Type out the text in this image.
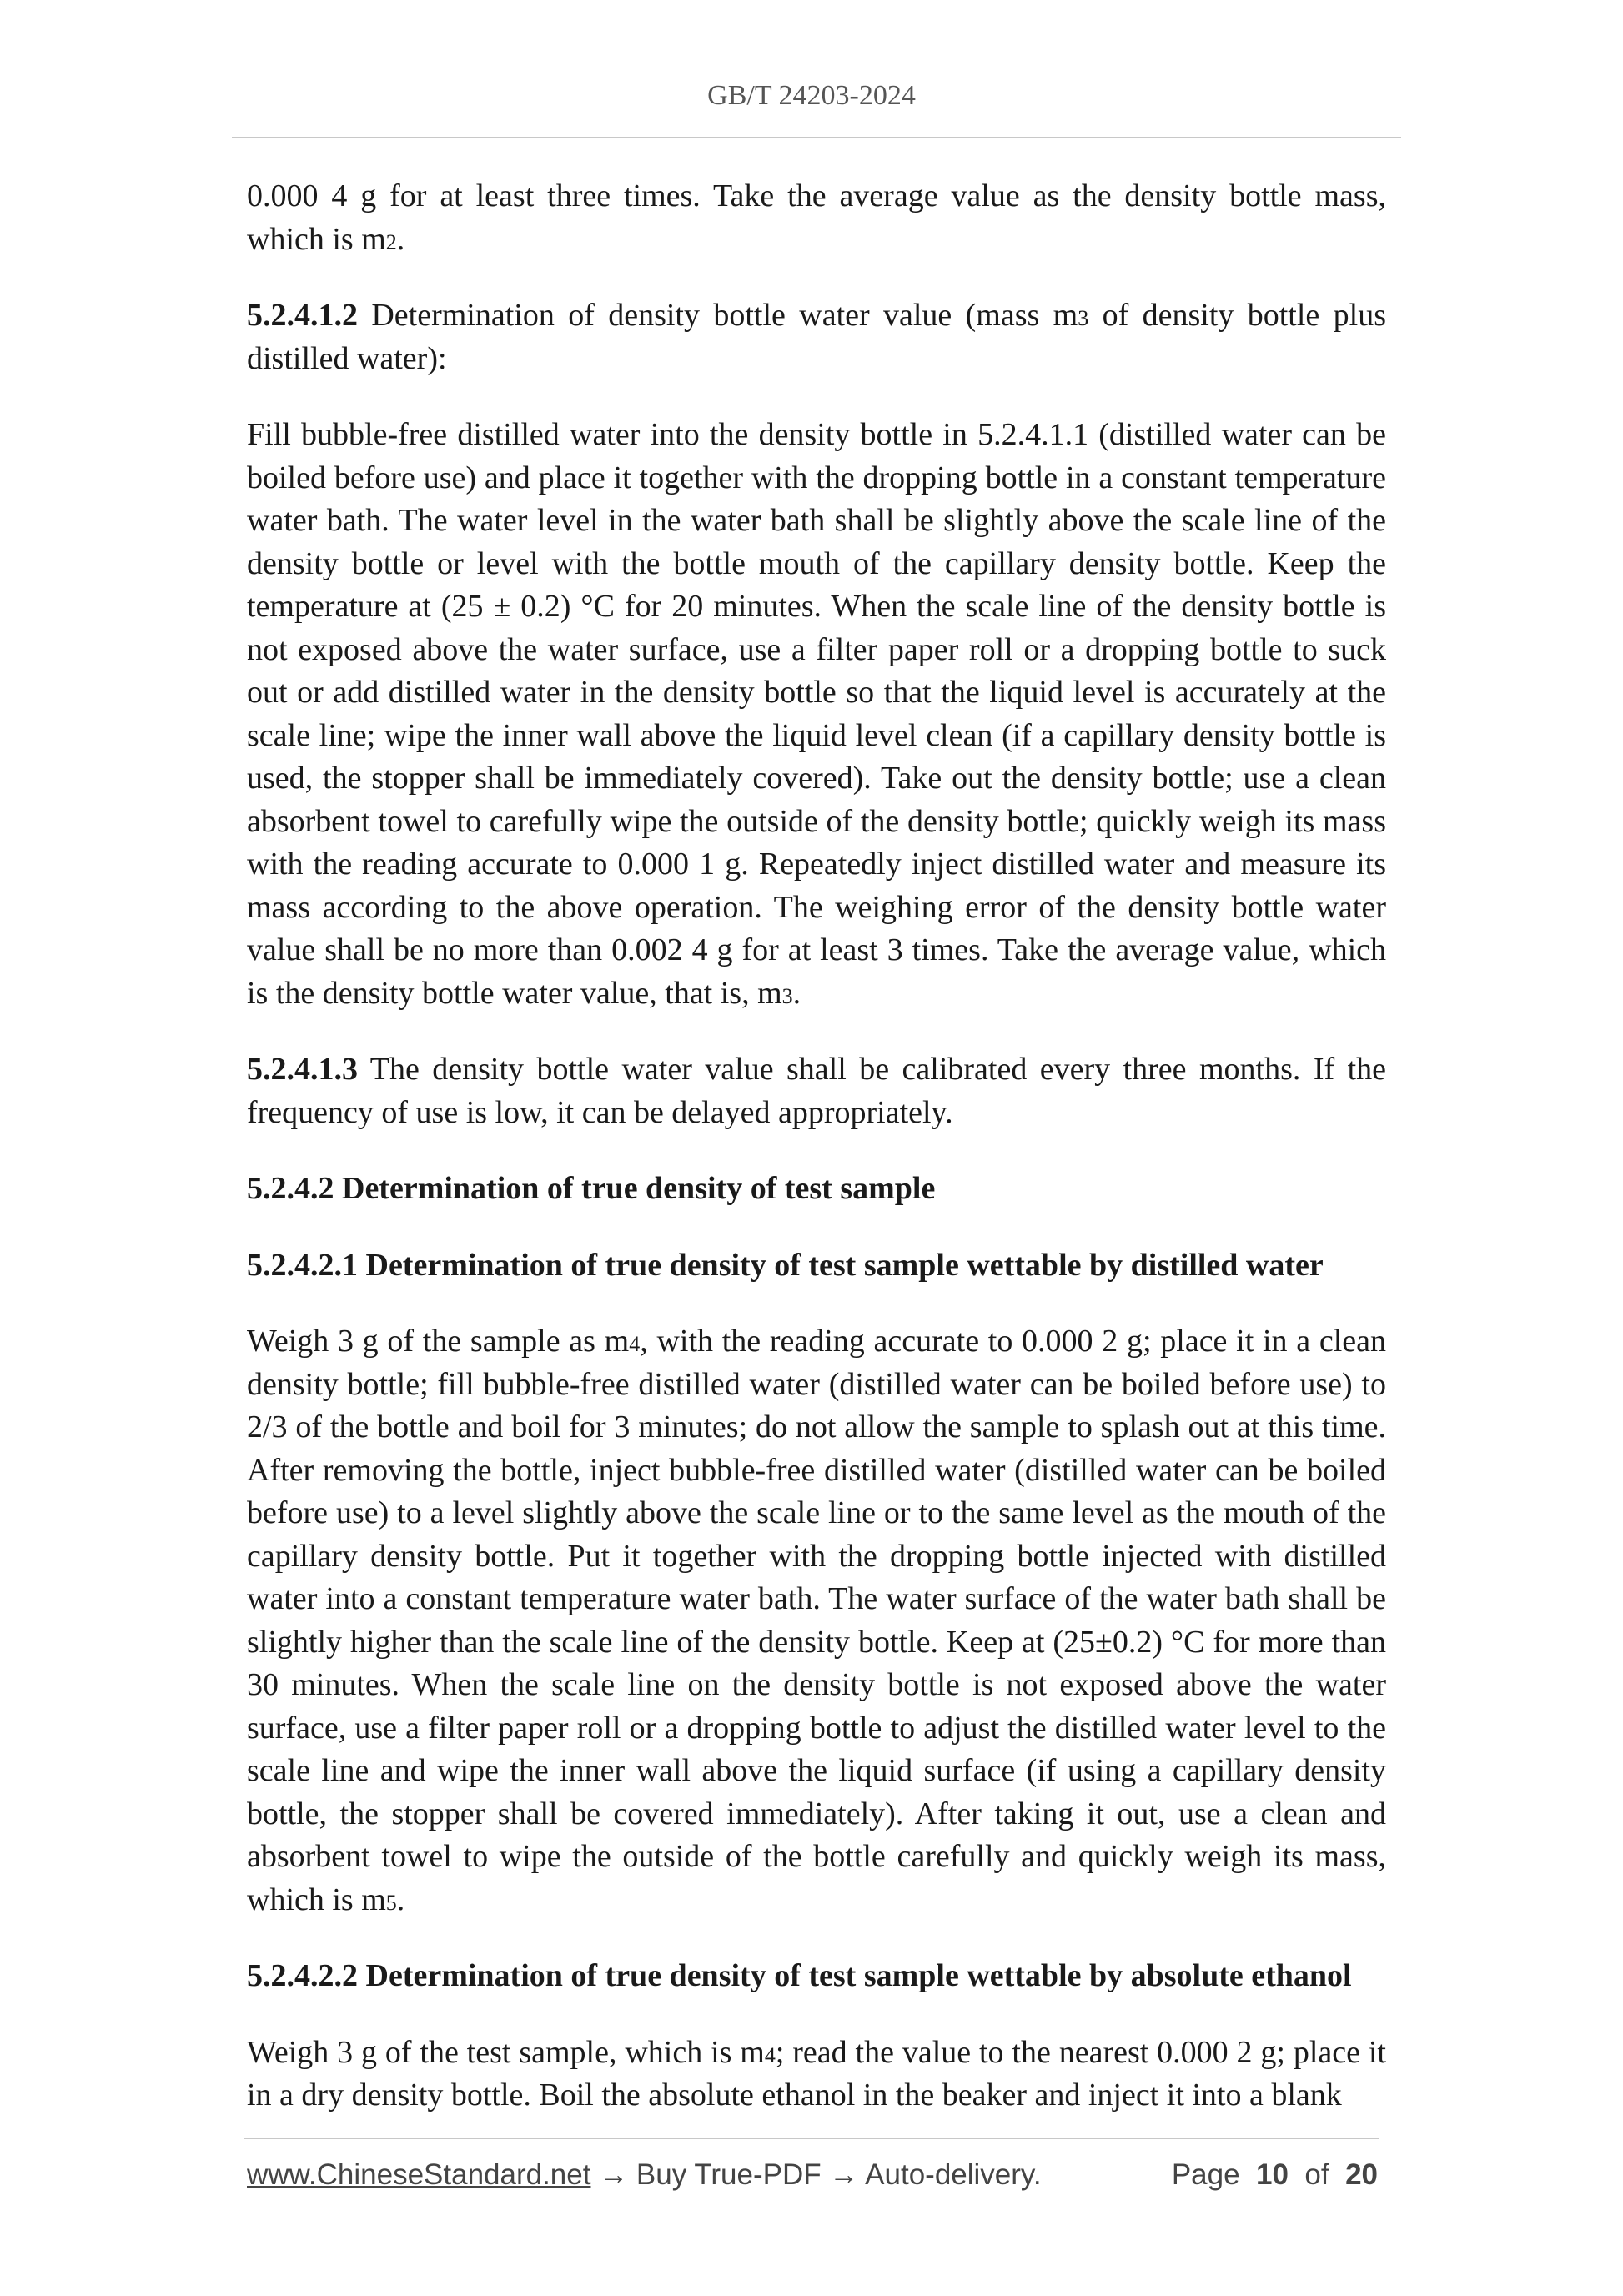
GB/T 24203-2024

0.000 4 g for at least three times. Take the average value as the density bottle mass, which is m2.

5.2.4.1.2 Determination of density bottle water value (mass m3 of density bottle plus distilled water):

Fill bubble-free distilled water into the density bottle in 5.2.4.1.1 (distilled water can be boiled before use) and place it together with the dropping bottle in a constant temperature water bath. The water level in the water bath shall be slightly above the scale line of the density bottle or level with the bottle mouth of the capillary density bottle. Keep the temperature at (25 ± 0.2) °C for 20 minutes. When the scale line of the density bottle is not exposed above the water surface, use a filter paper roll or a dropping bottle to suck out or add distilled water in the density bottle so that the liquid level is accurately at the scale line; wipe the inner wall above the liquid level clean (if a capillary density bottle is used, the stopper shall be immediately covered). Take out the density bottle; use a clean absorbent towel to carefully wipe the outside of the density bottle; quickly weigh its mass with the reading accurate to 0.000 1 g. Repeatedly inject distilled water and measure its mass according to the above operation. The weighing error of the density bottle water value shall be no more than 0.002 4 g for at least 3 times. Take the average value, which is the density bottle water value, that is, m3.

5.2.4.1.3 The density bottle water value shall be calibrated every three months. If the frequency of use is low, it can be delayed appropriately.

5.2.4.2 Determination of true density of test sample

5.2.4.2.1 Determination of true density of test sample wettable by distilled water

Weigh 3 g of the sample as m4, with the reading accurate to 0.000 2 g; place it in a clean density bottle; fill bubble-free distilled water (distilled water can be boiled before use) to 2/3 of the bottle and boil for 3 minutes; do not allow the sample to splash out at this time. After removing the bottle, inject bubble-free distilled water (distilled water can be boiled before use) to a level slightly above the scale line or to the same level as the mouth of the capillary density bottle. Put it together with the dropping bottle injected with distilled water into a constant temperature water bath. The water surface of the water bath shall be slightly higher than the scale line of the density bottle. Keep at (25±0.2) °C for more than 30 minutes. When the scale line on the density bottle is not exposed above the water surface, use a filter paper roll or a dropping bottle to adjust the distilled water level to the scale line and wipe the inner wall above the liquid surface (if using a capillary density bottle, the stopper shall be covered immediately). After taking it out, use a clean and absorbent towel to wipe the outside of the bottle carefully and quickly weigh its mass, which is m5.

5.2.4.2.2 Determination of true density of test sample wettable by absolute ethanol

Weigh 3 g of the test sample, which is m4; read the value to the nearest 0.000 2 g; place it in a dry density bottle. Boil the absolute ethanol in the beaker and inject it into a blank

www.ChineseStandard.net → Buy True-PDF → Auto-delivery.	Page 10 of 20
